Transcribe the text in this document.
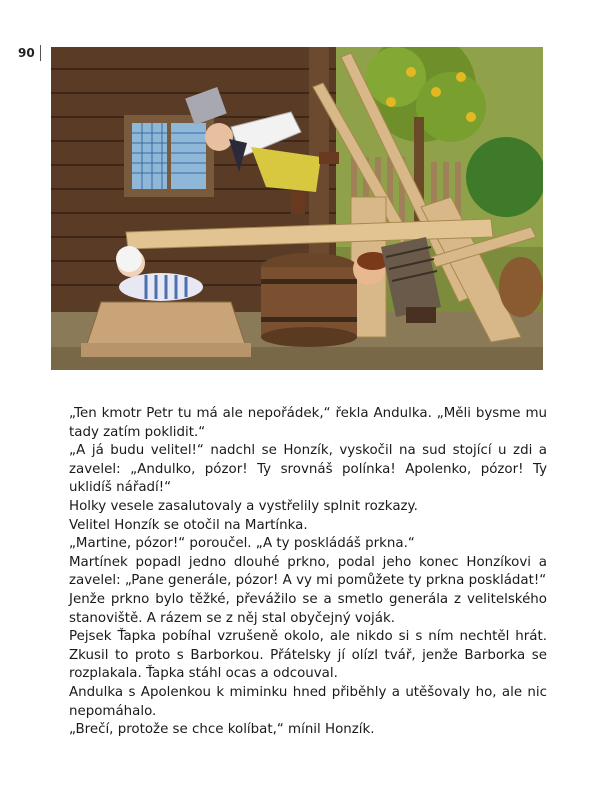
90

„Ten kmotr Petr tu má ale nepořádek,“ řekla Andulka. „Měli bysme mu tady zatím poklidit.“

„A já budu velitel!“ nadchl se Honzík, vyskočil na sud stojící u zdi a zavelel: „Andulko, pózor! Ty srovnáš polínka! Apolenko, pózor! Ty uklidíš nářadí!“

Holky vesele zasalutovaly a vystřelily splnit rozkazy.

Velitel Honzík se otočil na Martínka.

„Martine, pózor!“ poroučel. „A ty poskládáš prkna.“

Martínek popadl jedno dlouhé prkno, podal jeho konec Honzíkovi a zavelel: „Pane generále, pózor! A vy mi pomůžete ty prkna poskládat!“

Jenže prkno bylo těžké, převážilo se a smetlo generála z velitelského stanoviště. A rázem se z něj stal obyčejný voják.

Pejsek Ťapka pobíhal vzrušeně okolo, ale nikdo si s ním nechtěl hrát. Zkusil to proto s Barborkou. Přátelsky jí olízl tvář, jenže Barborka se rozplakala. Ťapka stáhl ocas a odcouval.

Andulka s Apolenkou k miminku hned přiběhly a utěšovaly ho, ale nic nepomáhalo.

„Brečí, protože se chce kolíbat,“ mínil Honzík.
